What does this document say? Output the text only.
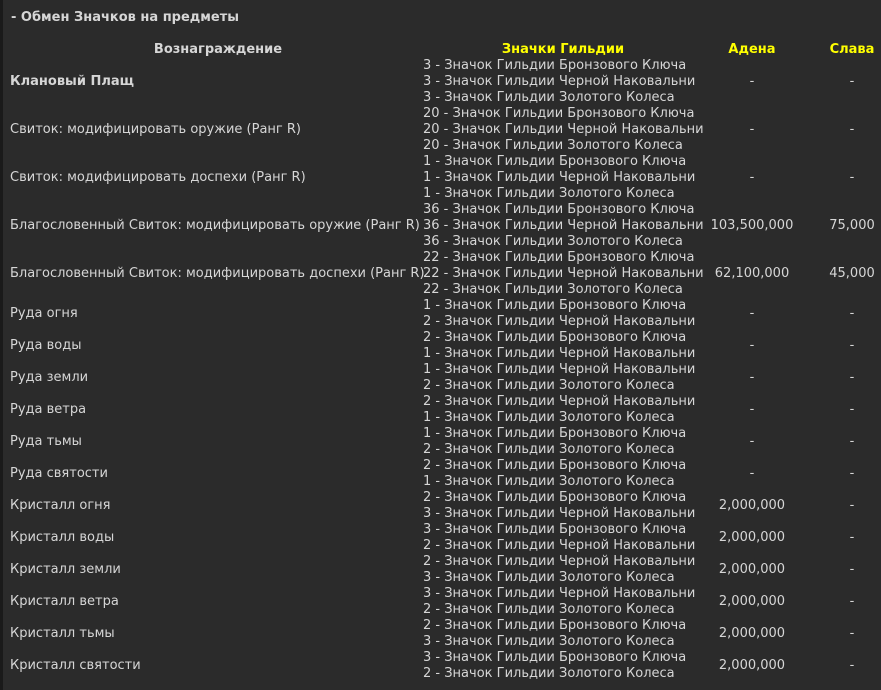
- Обмен Значков на предметы
Вознаграждение	Значки Гильдии	Адена	Слава
Клановый Плащ
3 - Значок Гильдии Бронзового Ключа
3 - Значок Гильдии Черной Наковальни
3 - Значок Гильдии Золотого Колеса
-	-
Свиток: модифицировать оружие (Ранг R)
20 - Значок Гильдии Бронзового Ключа
20 - Значок Гильдии Черной Наковальни
20 - Значок Гильдии Золотого Колеса
-	-
Свиток: модифицировать доспехи (Ранг R)
1 - Значок Гильдии Бронзового Ключа
1 - Значок Гильдии Черной Наковальни
1 - Значок Гильдии Золотого Колеса
-	-
Благословенный Свиток: модифицировать оружие (Ранг R)
36 - Значок Гильдии Бронзового Ключа
36 - Значок Гильдии Черной Наковальни
36 - Значок Гильдии Золотого Колеса
103,500,000	75,000
Благословенный Свиток: модифицировать доспехи (Ранг R)
22 - Значок Гильдии Бронзового Ключа
22 - Значок Гильдии Черной Наковальни
22 - Значок Гильдии Золотого Колеса
62,100,000	45,000
Руда огня
1 - Значок Гильдии Бронзового Ключа
2 - Значок Гильдии Черной Наковальни
-	-
Руда воды
2 - Значок Гильдии Бронзового Ключа
1 - Значок Гильдии Черной Наковальни
-	-
Руда земли
1 - Значок Гильдии Черной Наковальни
2 - Значок Гильдии Золотого Колеса
-	-
Руда ветра
2 - Значок Гильдии Черной Наковальни
1 - Значок Гильдии Золотого Колеса
-	-
Руда тьмы
1 - Значок Гильдии Бронзового Ключа
2 - Значок Гильдии Золотого Колеса
-	-
Руда святости
2 - Значок Гильдии Бронзового Ключа
1 - Значок Гильдии Золотого Колеса
-	-
Кристалл огня
2 - Значок Гильдии Бронзового Ключа
3 - Значок Гильдии Черной Наковальни
2,000,000	-
Кристалл воды
3 - Значок Гильдии Бронзового Ключа
2 - Значок Гильдии Черной Наковальни
2,000,000	-
Кристалл земли
2 - Значок Гильдии Черной Наковальни
3 - Значок Гильдии Золотого Колеса
2,000,000	-
Кристалл ветра
3 - Значок Гильдии Черной Наковальни
2 - Значок Гильдии Золотого Колеса
2,000,000	-
Кристалл тьмы
2 - Значок Гильдии Бронзового Ключа
3 - Значок Гильдии Золотого Колеса
2,000,000	-
Кристалл святости
3 - Значок Гильдии Бронзового Ключа
2 - Значок Гильдии Золотого Колеса
2,000,000	-
